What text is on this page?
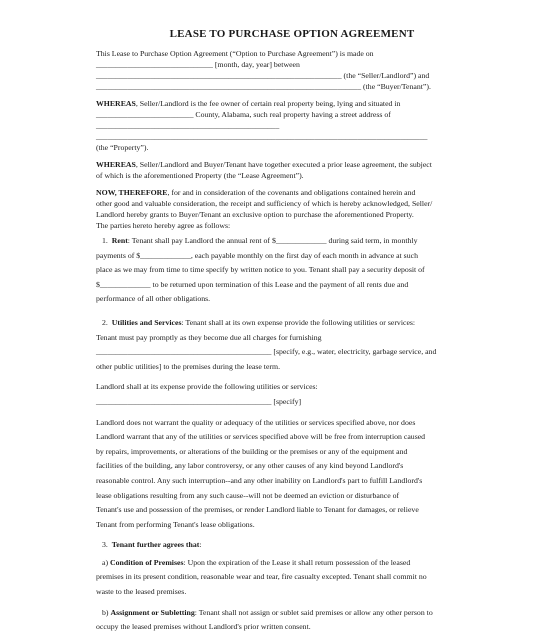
LEASE TO PURCHASE OPTION AGREEMENT

This Lease to Purchase Option Agreement (“Option to Purchase Agreement”) is made on
______________________________ [month, day, year] between
_______________________________________________________________ (the “Seller/Landlord”) and
____________________________________________________________________ (the “Buyer/Tenant”).

WHEREAS, Seller/Landlord is the fee owner of certain real property being, lying and situated in
_________________________ County, Alabama, such real property having a street address of
_______________________________________________
_____________________________________________________________________________________
(the “Property”).

WHEREAS, Seller/Landlord and Buyer/Tenant have together executed a prior lease agreement, the subject
of which is the aforementioned Property (the “Lease Agreement”).

NOW, THEREFORE, for and in consideration of the covenants and obligations contained herein and
other good and valuable consideration, the receipt and sufficiency of which is hereby acknowledged, Seller/
Landlord hereby grants to Buyer/Tenant an exclusive option to purchase the aforementioned Property.
The parties hereto hereby agree as follows:

1. Rent: Tenant shall pay Landlord the annual rent of $_____________ during said term, in monthly
payments of $_____________, each payable monthly on the first day of each month in advance at such
place as we may from time to time specify by written notice to you. Tenant shall pay a security deposit of
$_____________ to be returned upon termination of this Lease and the payment of all rents due and
performance of all other obligations.

2. Utilities and Services: Tenant shall at its own expense provide the following utilities or services:
Tenant must pay promptly as they become due all charges for furnishing
_____________________________________________ [specify, e.g., water, electricity, garbage service, and
other public utilities] to the premises during the lease term.

Landlord shall at its expense provide the following utilities or services:
_____________________________________________ [specify]

Landlord does not warrant the quality or adequacy of the utilities or services specified above, nor does
Landlord warrant that any of the utilities or services specified above will be free from interruption caused
by repairs, improvements, or alterations of the building or the premises or any of the equipment and
facilities of the building, any labor controversy, or any other causes of any kind beyond Landlord's
reasonable control. Any such interruption--and any other inability on Landlord's part to fulfill Landlord's
lease obligations resulting from any such cause--will not be deemed an eviction or disturbance of
Tenant's use and possession of the premises, or render Landlord liable to Tenant for damages, or relieve
Tenant from performing Tenant's lease obligations.

3. Tenant further agrees that:

a) Condition of Premises: Upon the expiration of the Lease it shall return possession of the leased
premises in its present condition, reasonable wear and tear, fire casualty excepted. Tenant shall commit no
waste to the leased premises.

b) Assignment or Subletting: Tenant shall not assign or sublet said premises or allow any other person to
occupy the leased premises without Landlord's prior written consent.
